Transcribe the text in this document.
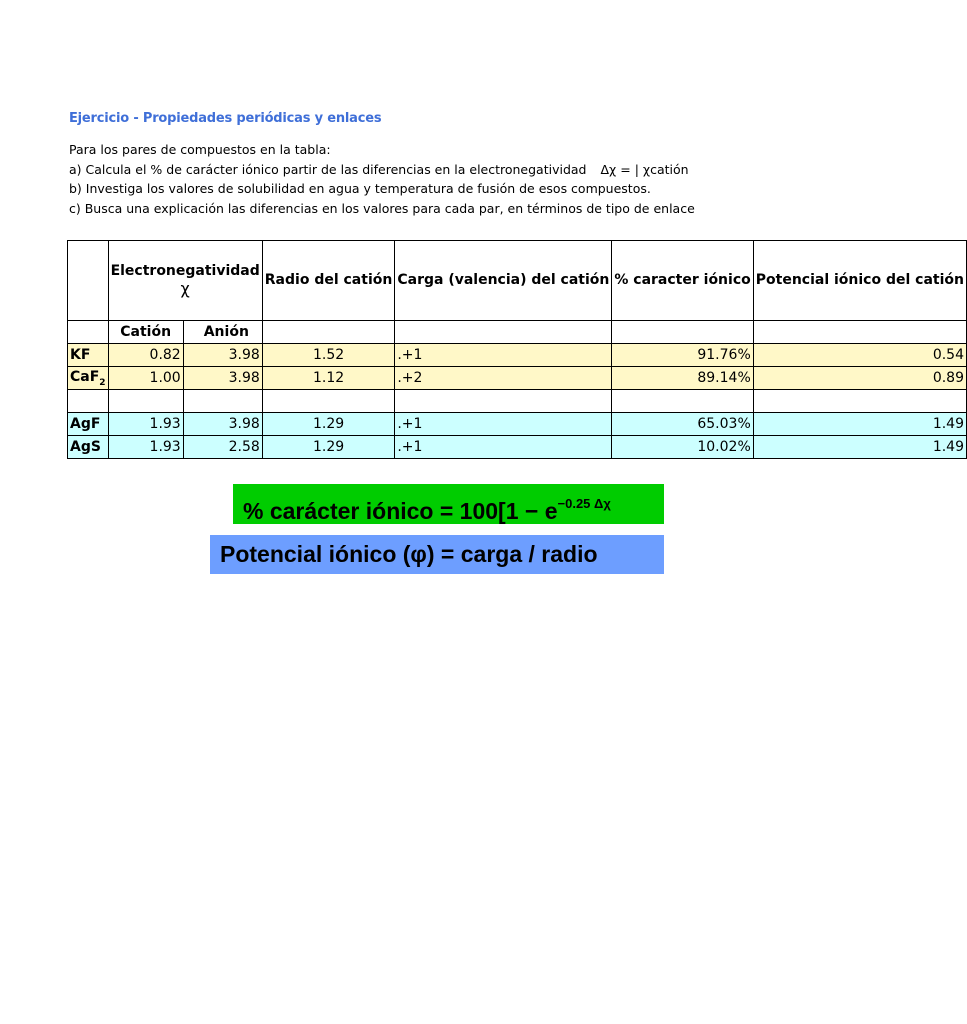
Ejercicio - Propiedades periódicas y enlaces
Para los pares de compuestos en la tabla:
a) Calcula el % de carácter iónico partir de las diferencias en la electronegatividad Δχ = | χcatión
b) Investiga los valores de solubilidad en agua y temperatura de fusión de esos compuestos.
c) Busca una explicación las diferencias en los valores para cada par, en términos de tipo de enlace
	Electronegatividad
χ		Radio del catión	Carga (valencia) del catión	% caracter iónico	Potencial iónico del catión
	Catión	Anión				
KF	0.82	3.98	1.52	.+1	91.76%	0.54
CaF$_2$	1.00	3.98	1.12	.+2	89.14%	0.89

AgF	1.93	3.98	1.29	.+1	65.03%	1.49
AgS	1.93	2.58	1.29	.+1	10.02%	1.49
% carácter iónico = $100[1 - e^{-0.25 \Delta\chi}$
Potencial iónico (φ) = carga / radio
